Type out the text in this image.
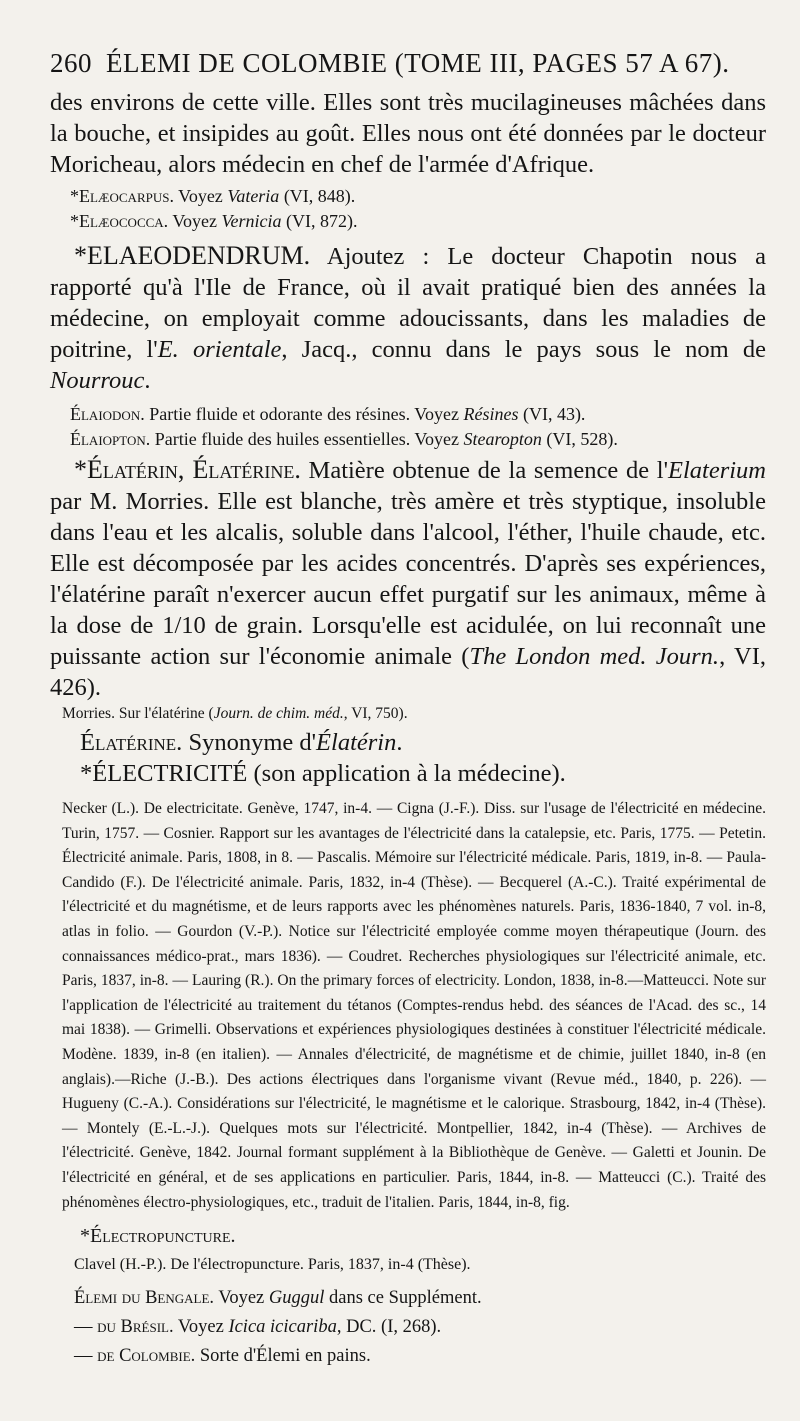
260 ÉLEMI DE COLOMBIE (TOME III, PAGES 57 A 67).

des environs de cette ville. Elles sont très mucilagineuses mâchées dans la bouche, et insipides au goût. Elles nous ont été données par le docteur Moricheau, alors médecin en chef de l'armée d'Afrique.

*Elæocarpus. Voyez Vateria (VI, 848).
*Elæococca. Voyez Vernicia (VI, 872).

*ELAEODENDRUM. Ajoutez : Le docteur Chapotin nous a rapporté qu'à l'Ile de France, où il avait pratiqué bien des années la médecine, on employait comme adoucissants, dans les maladies de poitrine, l'E. orientale, Jacq., connu dans le pays sous le nom de Nourrouc.

Élaiodon. Partie fluide et odorante des résines. Voyez Résines (VI, 43).
Élaiopton. Partie fluide des huiles essentielles. Voyez Stearopton (VI, 528).

*Élatérin, Élatérine. Matière obtenue de la semence de l'Elaterium par M. Morries. Elle est blanche, très amère et très styptique, insoluble dans l'eau et les alcalis, soluble dans l'alcool, l'éther, l'huile chaude, etc. Elle est décomposée par les acides concentrés. D'après ses expériences, l'élatérine paraît n'exercer aucun effet purgatif sur les animaux, même à la dose de 1/10 de grain. Lorsqu'elle est acidulée, on lui reconnaît une puissante action sur l'économie animale (The London med. Journ., VI, 426).

Morries. Sur l'élatérine (Journ. de chim. méd., VI, 750).
Élatérine. Synonyme d'Élatérin.
*ÉLECTRICITÉ (son application à la médecine).

Necker (L.). De electricitate. Genève, 1747, in-4. — Cigna (J.-F.). Diss. sur l'usage de l'électricité en médecine. Turin, 1757. — Cosnier. Rapport sur les avantages de l'électricité dans la catalepsie, etc. Paris, 1775. — Petetin. Électricité animale. Paris, 1808, in 8. — Pascalis. Mémoire sur l'électricité médicale. Paris, 1819, in-8. — Paula-Candido (F.). De l'électricité animale. Paris, 1832, in-4 (Thèse). — Becquerel (A.-C.). Traité expérimental de l'électricité et du magnétisme, et de leurs rapports avec les phénomènes naturels. Paris, 1836-1840, 7 vol. in-8, atlas in folio. — Gourdon (V.-P.). Notice sur l'électricité employée comme moyen thérapeutique (Journ. des connaissances médico-prat., mars 1836). — Coudret. Recherches physiologiques sur l'électricité animale, etc. Paris, 1837, in-8. — Lauring (R.). On the primary forces of electricity. London, 1838, in-8.—Matteucci. Note sur l'application de l'électricité au traitement du tétanos (Comptes-rendus hebd. des séances de l'Acad. des sc., 14 mai 1838). — Grimelli. Observations et expériences physiologiques destinées à constituer l'électricité médicale. Modène. 1839, in-8 (en italien). — Annales d'électricité, de magnétisme et de chimie, juillet 1840, in-8 (en anglais).—Riche (J.-B.). Des actions électriques dans l'organisme vivant (Revue méd., 1840, p. 226). — Hugueny (C.-A.). Considérations sur l'électricité, le magnétisme et le calorique. Strasbourg, 1842, in-4 (Thèse). — Montely (E.-L.-J.). Quelques mots sur l'électricité. Montpellier, 1842, in-4 (Thèse). — Archives de l'électricité. Genève, 1842. Journal formant supplément à la Bibliothèque de Genève. — Galetti et Jounin. De l'électricité en général, et de ses applications en particulier. Paris, 1844, in-8. — Matteucci (C.). Traité des phénomènes électro-physiologiques, etc., traduit de l'italien. Paris, 1844, in-8, fig.

*Électropuncture.
Clavel (H.-P.). De l'électropuncture. Paris, 1837, in-4 (Thèse).
Élemi du Bengale. Voyez Guggul dans ce Supplément.
— du Brésil. Voyez Icica icicariba, DC. (I, 268).
— de Colombie. Sorte d'Élemi en pains.
